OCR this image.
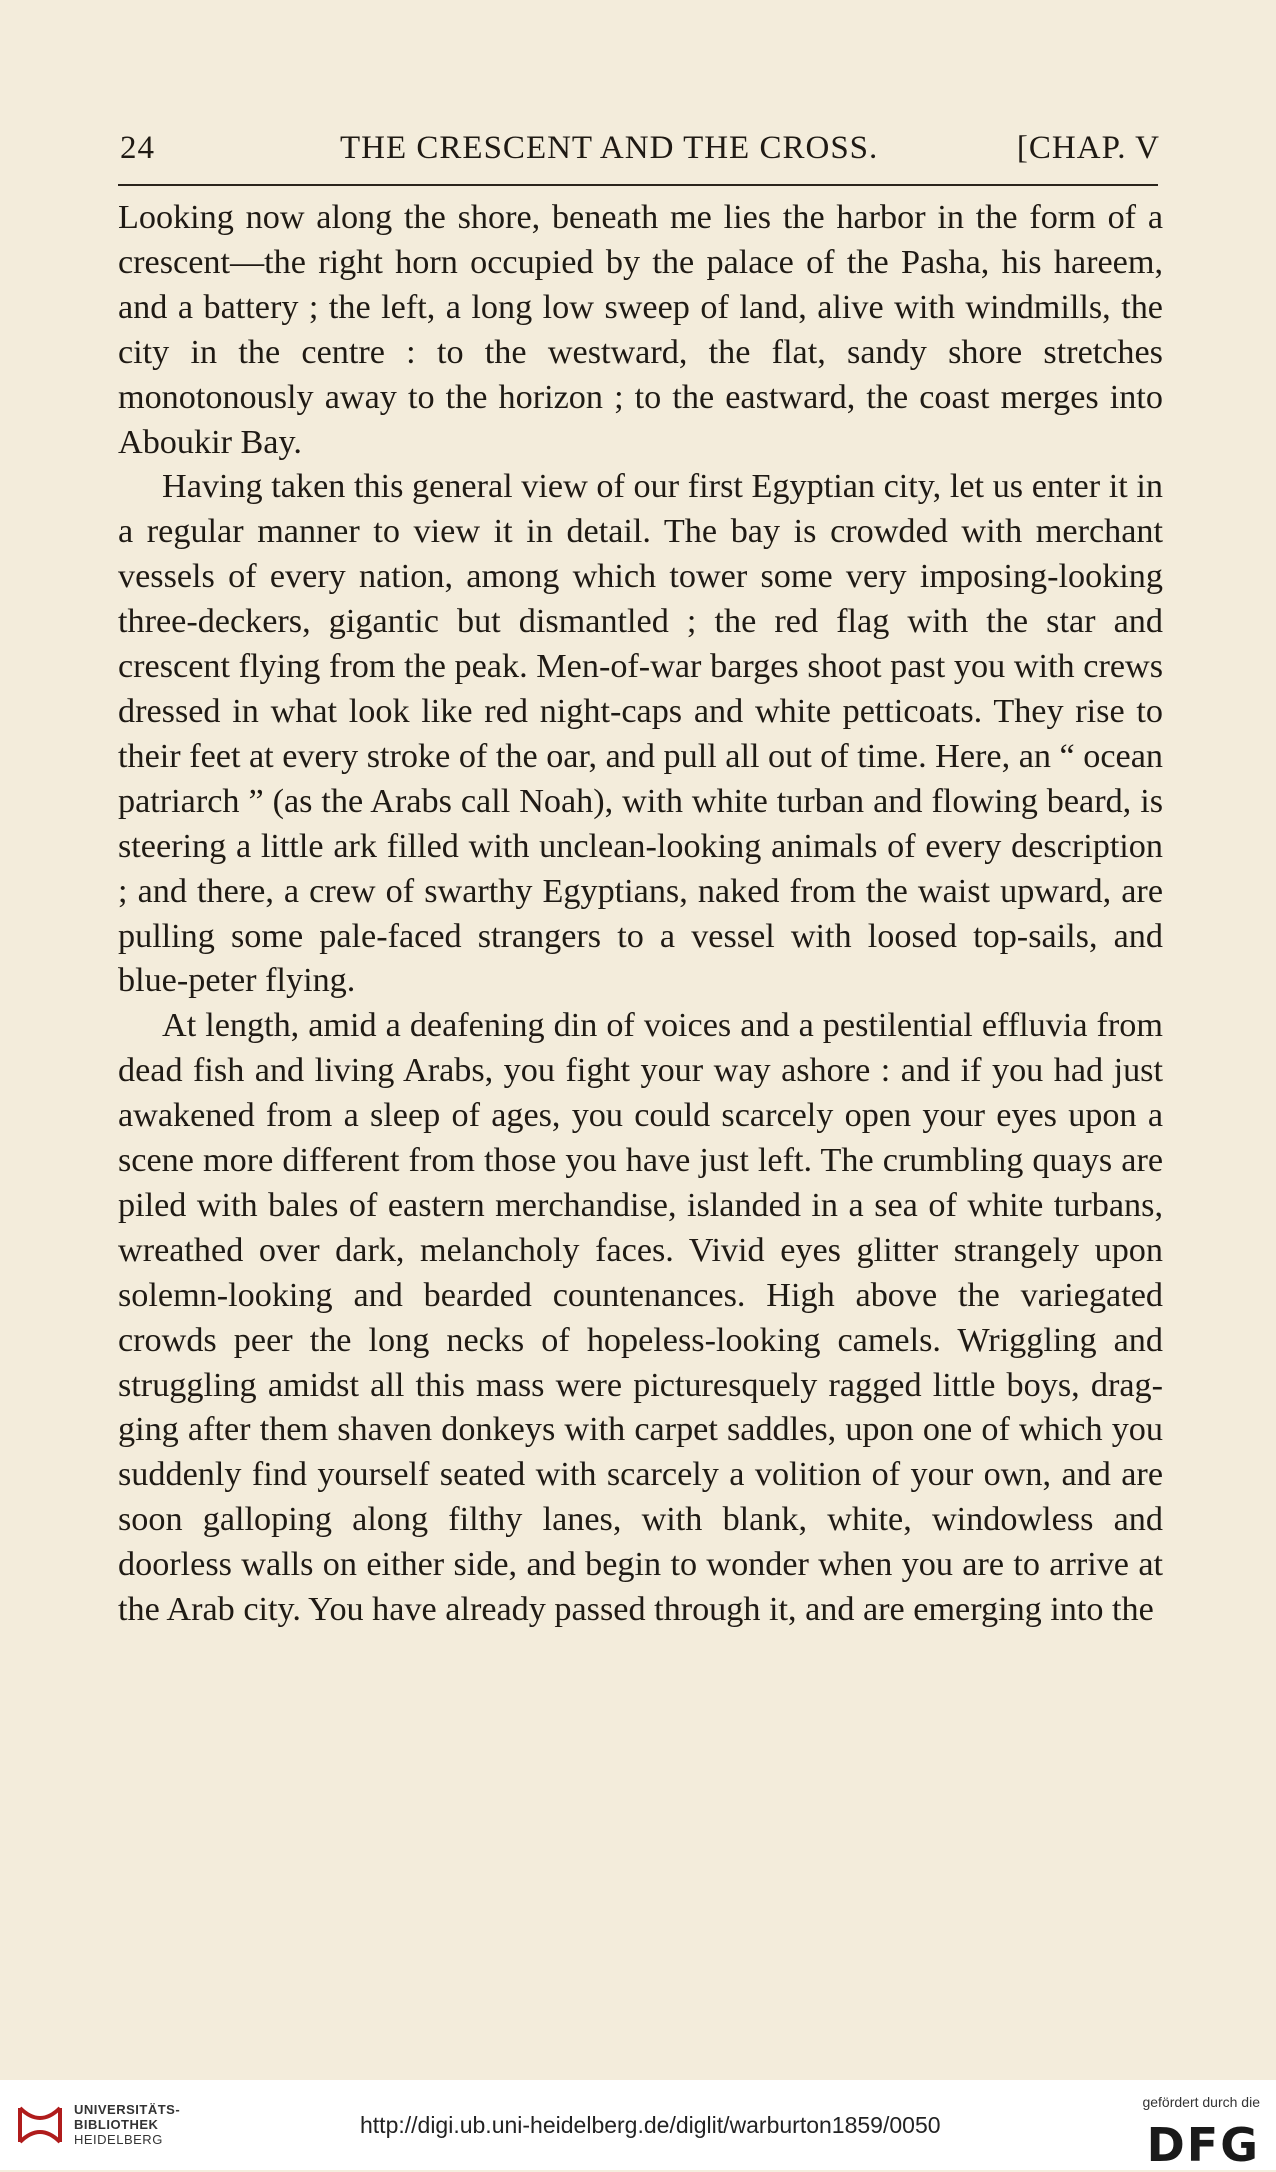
24	THE CRESCENT AND THE CROSS.	[CHAP. V

Looking now along the shore, beneath me lies the harbor in the form of a crescent—the right horn occupied by the palace of the Pasha, his hareem, and a battery ; the left, a long low sweep of land, alive with windmills, the city in the centre : to the westward, the flat, sandy shore stretches monotonously away to the horizon ; to the eastward, the coast merges into Aboukir Bay.

Having taken this general view of our first Egyptian city, let us enter it in a regular manner to view it in detail. The bay is crowded with merchant vessels of every nation, among which tower some very imposing-looking three-deckers, gigantic but dismantled ; the red flag with the star and crescent flying from the peak. Men-of-war barges shoot past you with crews dressed in what look like red night-caps and white petticoats. They rise to their feet at every stroke of the oar, and pull all out of time. Here, an “ ocean patriarch ” (as the Arabs call Noah), with white turban and flowing beard, is steering a little ark filled with unclean-looking animals of every description ; and there, a crew of swarthy Egyptians, naked from the waist upward, are pulling some pale-faced strangers to a vessel with loosed top-sails, and blue-peter flying.

At length, amid a deafening din of voices and a pestilential effluvia from dead fish and living Arabs, you fight your way ashore : and if you had just awakened from a sleep of ages, you could scarcely open your eyes upon a scene more different from those you have just left. The crumbling quays are piled with bales of eastern merchandise, islanded in a sea of white turbans, wreathed over dark, melancholy faces. Vivid eyes glitter strangely upon solemn-looking and bearded countenances. High above the variegated crowds peer the long necks of hopeless-looking camels. Wriggling and struggling amidst all this mass were picturesquely ragged little boys, dragging after them shaven donkeys with carpet saddles, upon one of which you suddenly find yourself seated with scarcely a volition of your own, and are soon galloping along filthy lanes, with blank, white, windowless and doorless walls on either side, and begin to wonder when you are to arrive at the Arab city. You have already passed through it, and are emerging into the

UNIVERSITÄTS-
BIBLIOTHEK
HEIDELBERG
http://digi.ub.uni-heidelberg.de/diglit/warburton1859/0050
gefördert durch die
DFG
